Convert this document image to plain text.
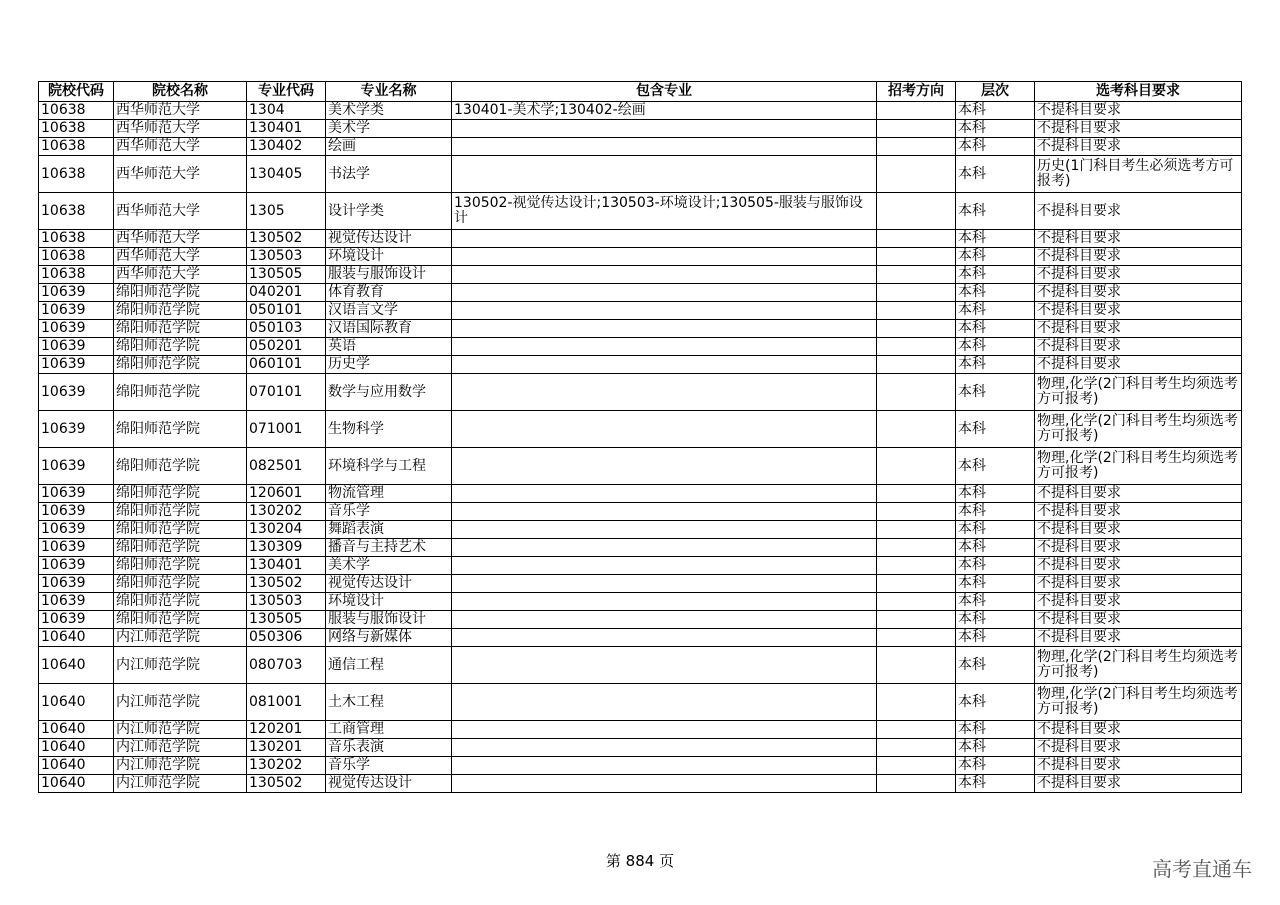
院校代码	院校名称	专业代码	专业名称	包含专业	招考方向	层次	选考科目要求
10638	西华师范大学	1304	美术学类	130401-美术学;130402-绘画		本科	不提科目要求
10638	西华师范大学	130401	美术学			本科	不提科目要求
10638	西华师范大学	130402	绘画			本科	不提科目要求
10638	西华师范大学	130405	书法学			本科	历史(1门科目考生必须选考方可报考)
10638	西华师范大学	1305	设计学类	130502-视觉传达设计;130503-环境设计;130505-服装与服饰设计		本科	不提科目要求
10638	西华师范大学	130502	视觉传达设计			本科	不提科目要求
10638	西华师范大学	130503	环境设计			本科	不提科目要求
10638	西华师范大学	130505	服装与服饰设计			本科	不提科目要求
10639	绵阳师范学院	040201	体育教育			本科	不提科目要求
10639	绵阳师范学院	050101	汉语言文学			本科	不提科目要求
10639	绵阳师范学院	050103	汉语国际教育			本科	不提科目要求
10639	绵阳师范学院	050201	英语			本科	不提科目要求
10639	绵阳师范学院	060101	历史学			本科	不提科目要求
10639	绵阳师范学院	070101	数学与应用数学			本科	物理,化学(2门科目考生均须选考方可报考)
10639	绵阳师范学院	071001	生物科学			本科	物理,化学(2门科目考生均须选考方可报考)
10639	绵阳师范学院	082501	环境科学与工程			本科	物理,化学(2门科目考生均须选考方可报考)
10639	绵阳师范学院	120601	物流管理			本科	不提科目要求
10639	绵阳师范学院	130202	音乐学			本科	不提科目要求
10639	绵阳师范学院	130204	舞蹈表演			本科	不提科目要求
10639	绵阳师范学院	130309	播音与主持艺术			本科	不提科目要求
10639	绵阳师范学院	130401	美术学			本科	不提科目要求
10639	绵阳师范学院	130502	视觉传达设计			本科	不提科目要求
10639	绵阳师范学院	130503	环境设计			本科	不提科目要求
10639	绵阳师范学院	130505	服装与服饰设计			本科	不提科目要求
10640	内江师范学院	050306	网络与新媒体			本科	不提科目要求
10640	内江师范学院	080703	通信工程			本科	物理,化学(2门科目考生均须选考方可报考)
10640	内江师范学院	081001	土木工程			本科	物理,化学(2门科目考生均须选考方可报考)
10640	内江师范学院	120201	工商管理			本科	不提科目要求
10640	内江师范学院	130201	音乐表演			本科	不提科目要求
10640	内江师范学院	130202	音乐学			本科	不提科目要求
10640	内江师范学院	130502	视觉传达设计			本科	不提科目要求
第 884 页	高考直通车
